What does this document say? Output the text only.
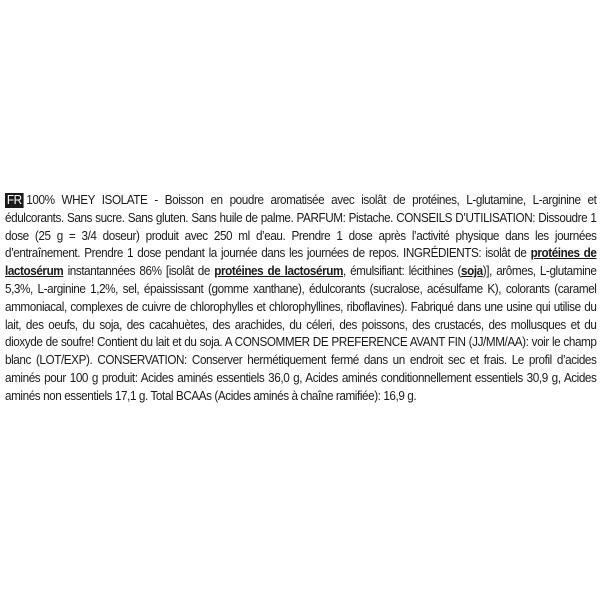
FR 100% WHEY ISOLATE - Boisson en poudre aromatisée avec isolât de protéines, L-glutamine, L-arginine et édulcorants. Sans sucre. Sans gluten. Sans huile de palme. PARFUM: Pistache. CONSEILS D’UTILISATION: Dissoudre 1 dose (25 g = 3/4 doseur) produit avec 250 ml d’eau. Prendre 1 dose après l’activité physique dans les journées d’entraînement. Prendre 1 dose pendant la journée dans les journées de repos. INGRÉDIENTS: isolât de protéines de lactosérum instantannées 86% [isolât de protéines de lactosérum, émulsifiant: lécithines (soja)], arômes, L-glutamine 5,3%, L-arginine 1,2%, sel, épaississant (gomme xanthane), édulcorants (sucralose, acésulfame K), colorants (caramel ammoniacal, complexes de cuivre de chlorophylles et chlorophyllines, riboflavines). Fabriqué dans une usine qui utilise du lait, des oeufs, du soja, des cacahuètes, des arachides, du céleri, des poissons, des crustacés, des mollusques et du dioxyde de soufre! Contient du lait et du soja. A CONSOMMER DE PREFERENCE AVANT FIN (JJ/MM/AA): voir le champ blanc (LOT/EXP). CONSERVATION: Conserver hermétiquement fermé dans un endroit sec et frais. Le profil d’acides aminés pour 100 g produit: Acides aminés essentiels 36,0 g, Acides aminés conditionnellement essentiels 30,9 g, Acides aminés non essentiels 17,1 g. Total BCAAs (Acides aminés à chaîne ramifiée): 16,9 g.
